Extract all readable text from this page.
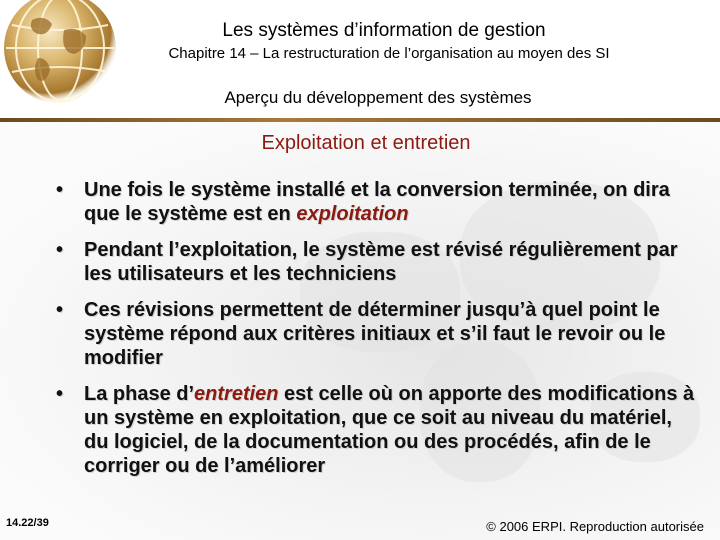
Les systèmes d’information de gestion
Chapitre 14 – La restructuration de l’organisation au moyen des SI
Aperçu du développement des systèmes
Exploitation et entretien
• Une fois le système installé et la conversion terminée, on dira que le système est en exploitation
• Pendant l’exploitation, le système est révisé régulièrement par les utilisateurs et les techniciens
• Ces révisions permettent de déterminer jusqu’à quel point le système répond aux critères initiaux et s’il faut le revoir ou le modifier
• La phase d’entretien est celle où on apporte des modifications à un système en exploitation, que ce soit au niveau du matériel, du logiciel, de la documentation ou des procédés, afin de le corriger ou de l’améliorer
14.22/39	© 2006 ERPI. Reproduction autorisée
